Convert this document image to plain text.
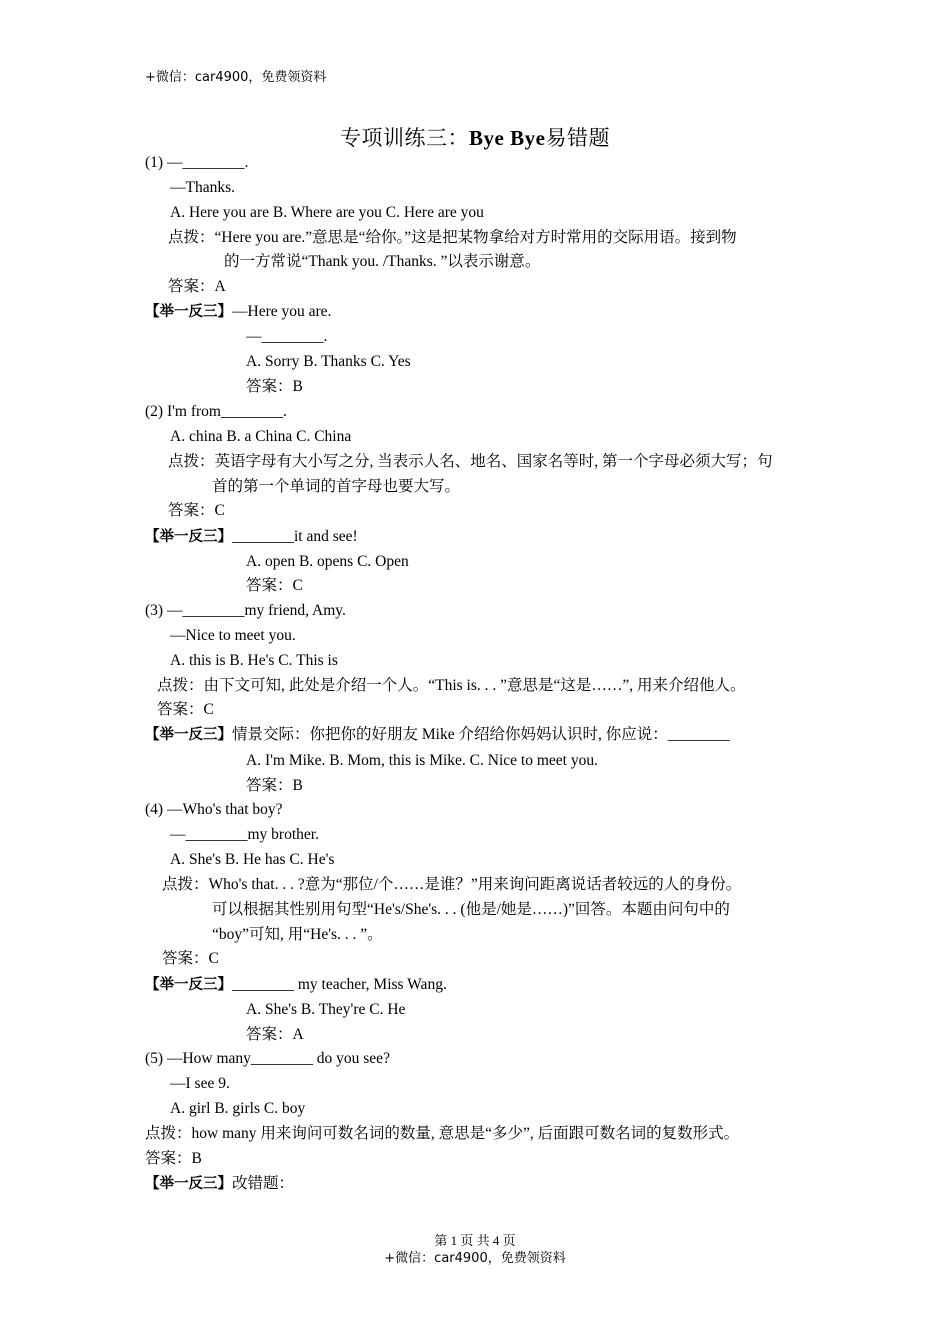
+微信：car4900，免费领资料
专项训练三：Bye Bye易错题
(1) —________.
—Thanks.
A. Here you are B. Where are you C. Here are you
点拨：“Here you are.”意思是“给你。”这是把某物拿给对方时常用的交际用语。接到物
的一方常说“Thank you. /Thanks. ”以表示谢意。
答案：A
【举一反三】—Here you are.
—________.
A. Sorry B. Thanks C. Yes
答案：B
(2) I'm from________.
A. china B. a China C. China
点拨：英语字母有大小写之分, 当表示人名、地名、国家名等时, 第一个字母必须大写；句
首的第一个单词的首字母也要大写。
答案：C
【举一反三】________it and see!
A. open B. opens C. Open
答案：C
(3) —________my friend, Amy.
—Nice to meet you.
A. this is B. He's C. This is
点拨：由下文可知, 此处是介绍一个人。“This is. . . ”意思是“这是……”, 用来介绍他人。
答案：C
【举一反三】情景交际：你把你的好朋友 Mike 介绍给你妈妈认识时, 你应说：________
A. I'm Mike. B. Mom, this is Mike. C. Nice to meet you.
答案：B
(4) —Who's that boy?
—________my brother.
A. She's B. He has C. He's
点拨：Who's that. . . ?意为“那位/个……是谁？”用来询问距离说话者较远的人的身份。
可以根据其性别用句型“He's/She's. . . (他是/她是……)”回答。本题由问句中的
“boy”可知, 用“He's. . . ”。
答案：C
【举一反三】________ my teacher, Miss Wang.
A. She's B. They're C. He
答案：A
(5) —How many________ do you see?
—I see 9.
A. girl B. girls C. boy
点拨：how many 用来询问可数名词的数量, 意思是“多少”, 后面跟可数名词的复数形式。
答案：B
【举一反三】改错题：
第 1 页 共 4 页
+微信：car4900，免费领资料
